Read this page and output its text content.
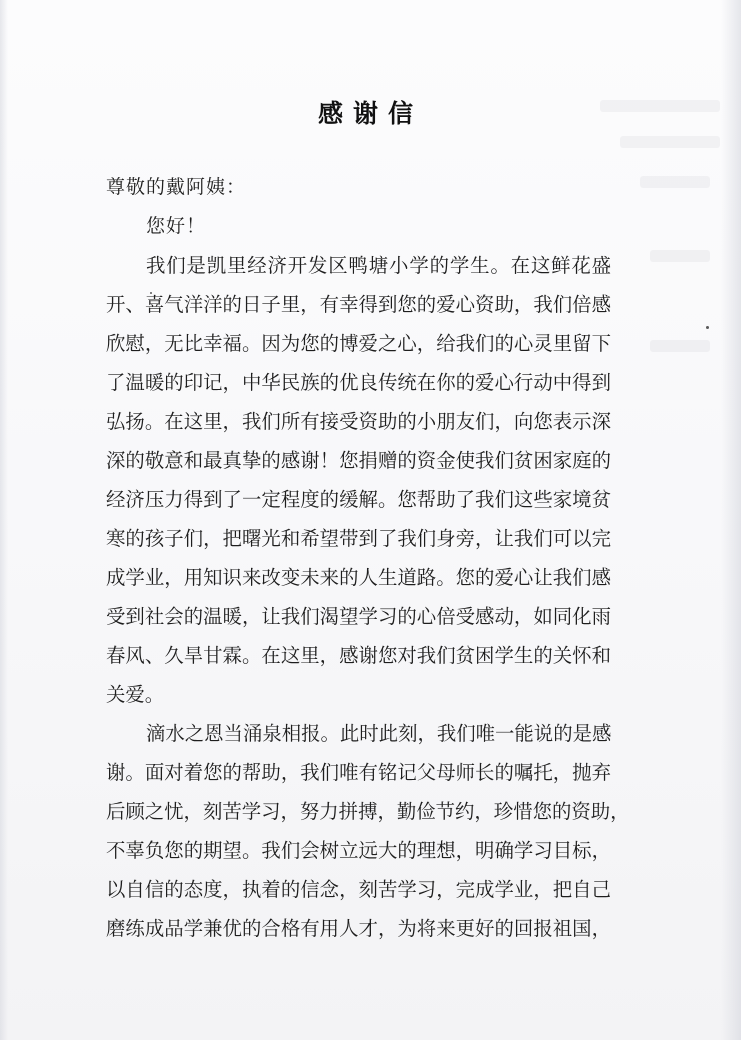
感谢信
尊敬的戴阿姨：
您好！
我们是凯里经济开发区鸭塘小学的学生。在这鲜花盛
开、喜气洋洋的日子里，有幸得到您的爱心资助，我们倍感
欣慰，无比幸福。因为您的博爱之心，给我们的心灵里留下
了温暖的印记，中华民族的优良传统在你的爱心行动中得到
弘扬。在这里，我们所有接受资助的小朋友们，向您表示深
深的敬意和最真挚的感谢！您捐赠的资金使我们贫困家庭的
经济压力得到了一定程度的缓解。您帮助了我们这些家境贫
寒的孩子们，把曙光和希望带到了我们身旁，让我们可以完
成学业，用知识来改变未来的人生道路。您的爱心让我们感
受到社会的温暖，让我们渴望学习的心倍受感动，如同化雨
春风、久旱甘霖。在这里，感谢您对我们贫困学生的关怀和
关爱。
滴水之恩当涌泉相报。此时此刻，我们唯一能说的是感
谢。面对着您的帮助，我们唯有铭记父母师长的嘱托，抛弃
后顾之忧，刻苦学习，努力拼搏，勤俭节约，珍惜您的资助，
不辜负您的期望。我们会树立远大的理想，明确学习目标，
以自信的态度，执着的信念，刻苦学习，完成学业，把自己
磨练成品学兼优的合格有用人才，为将来更好的回报祖国，
